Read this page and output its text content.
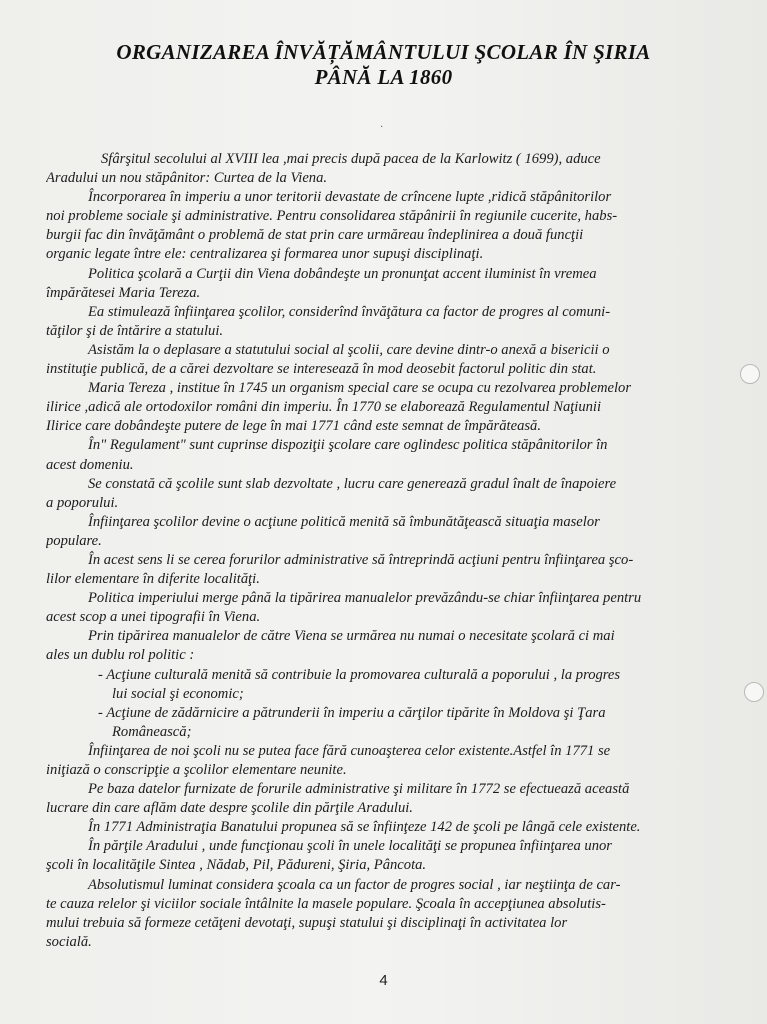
ORGANIZAREA ÎNVĂȚĂMÂNTULUI ŞCOLAR ÎN ŞIRIA
PÂNĂ LA 1860
·
Sfârşitul secolului al XVIII lea ,mai precis după pacea de la Karlowitz ( 1699), aduce
Aradului un nou stăpânitor: Curtea de la Viena.
Încorporarea în imperiu a unor teritorii devastate de crîncene lupte ,ridică stăpânitorilor
noi probleme sociale şi administrative. Pentru consolidarea stăpânirii în regiunile cucerite, habs-
burgii fac din învăţământ o problemă de stat prin care urmăreau îndeplinirea a două funcţii
organic legate între ele: centralizarea şi formarea unor supuşi disciplinaţi.
Politica şcolară a Curţii din Viena dobândeşte un pronunţat accent iluminist în vremea
împărătesei Maria Tereza.
Ea stimulează înfiinţarea şcolilor, considerînd învăţătura ca factor de progres al comuni-
tăţilor şi de întărire a statului.
Asistăm la o deplasare a statutului social al şcolii, care devine dintr-o anexă a bisericii o
instituţie publică, de a cărei dezvoltare se interesează în mod deosebit factorul politic din stat.
Maria Tereza , institue în 1745 un organism special care se ocupa cu rezolvarea problemelor
ilirice ,adică ale ortodoxilor români din imperiu. În 1770 se elaborează Regulamentul Naţiunii
Ilirice care dobândeşte putere de lege în mai 1771 când este semnat de împărăteasă.
În" Regulament" sunt cuprinse dispoziţii şcolare care oglindesc politica stăpânitorilor în
acest domeniu.
Se constată că şcolile sunt slab dezvoltate , lucru care generează gradul înalt de înapoiere
a poporului.
Înfiinţarea şcolilor devine o acţiune politică menită să îmbunătăţească situaţia maselor
populare.
În acest sens li se cerea forurilor administrative să întreprindă acţiuni pentru înfiinţarea şco-
lilor elementare în diferite localităţi.
Politica imperiului merge până la tipărirea manualelor prevăzându-se chiar înfiinţarea pentru
acest scop a unei tipografii în Viena.
Prin tipărirea manualelor de către Viena se urmărea nu numai o necesitate şcolară ci mai
ales un dublu rol politic :
- Acţiune culturală menită să contribuie la promovarea culturală a poporului , la progres
lui social şi economic;
- Acţiune de zădărnicire a pătrunderii în imperiu a cărţilor tipărite în Moldova şi Ţara
Românească;
Înfiinţarea de noi şcoli nu se putea face fără cunoaşterea celor existente.Astfel în 1771 se
iniţiază o conscripţie a şcolilor elementare neunite.
Pe baza datelor furnizate de forurile administrative şi militare în 1772 se efectuează această
lucrare din care aflăm date despre şcolile din părţile Aradului.
În 1771 Administraţia Banatului propunea să se înfiinţeze 142 de şcoli pe lângă cele existente.
În părţile Aradului , unde funcţionau şcoli în unele localităţi se propunea înfiinţarea unor
şcoli în localităţile Sintea , Nădab, Pil, Pădureni, Şiria, Pâncota.
Absolutismul luminat considera şcoala ca un factor de progres social , iar neştiinţa de car-
te cauza relelor şi viciilor sociale întâlnite la masele populare. Şcoala în accepţiunea absolutis-
mului trebuia să formeze cetăţeni devotaţi, supuşi statului şi disciplinaţi în activitatea lor
socială.
4
